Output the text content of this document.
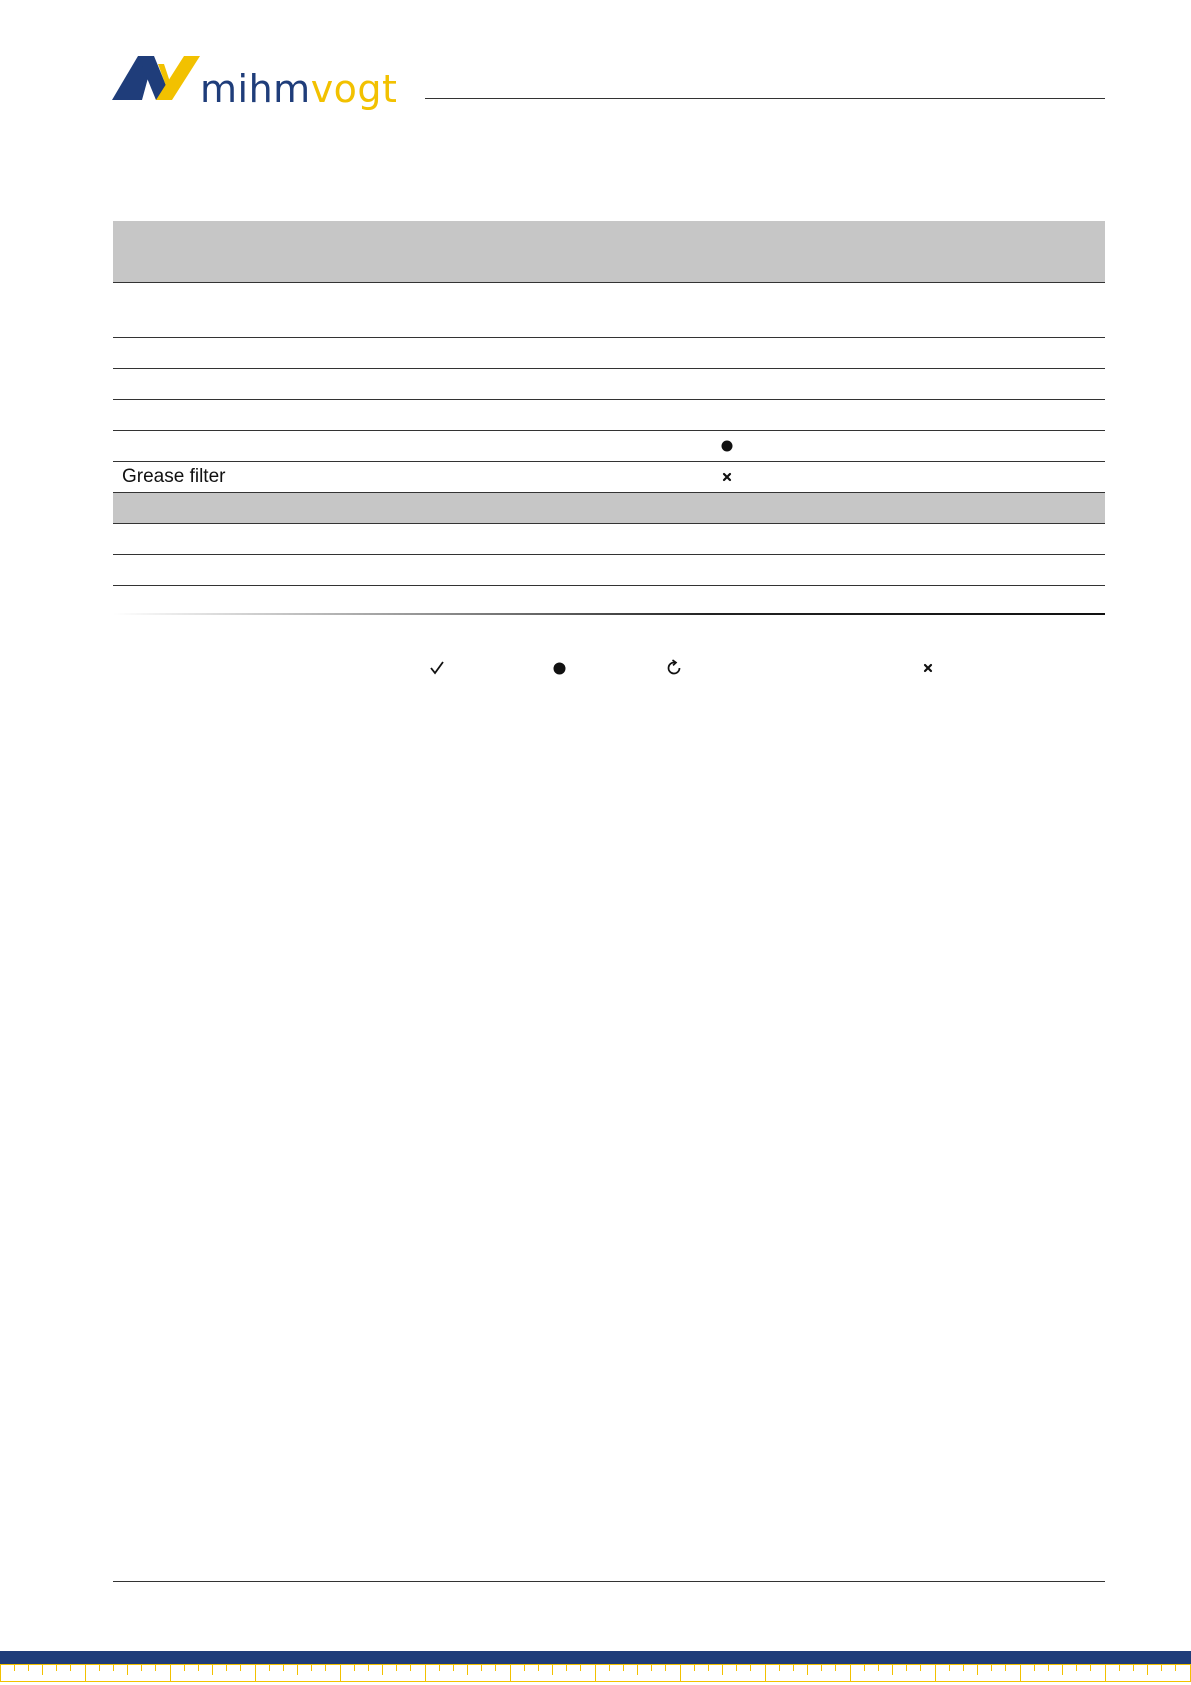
mihmvogt
Grease filter
